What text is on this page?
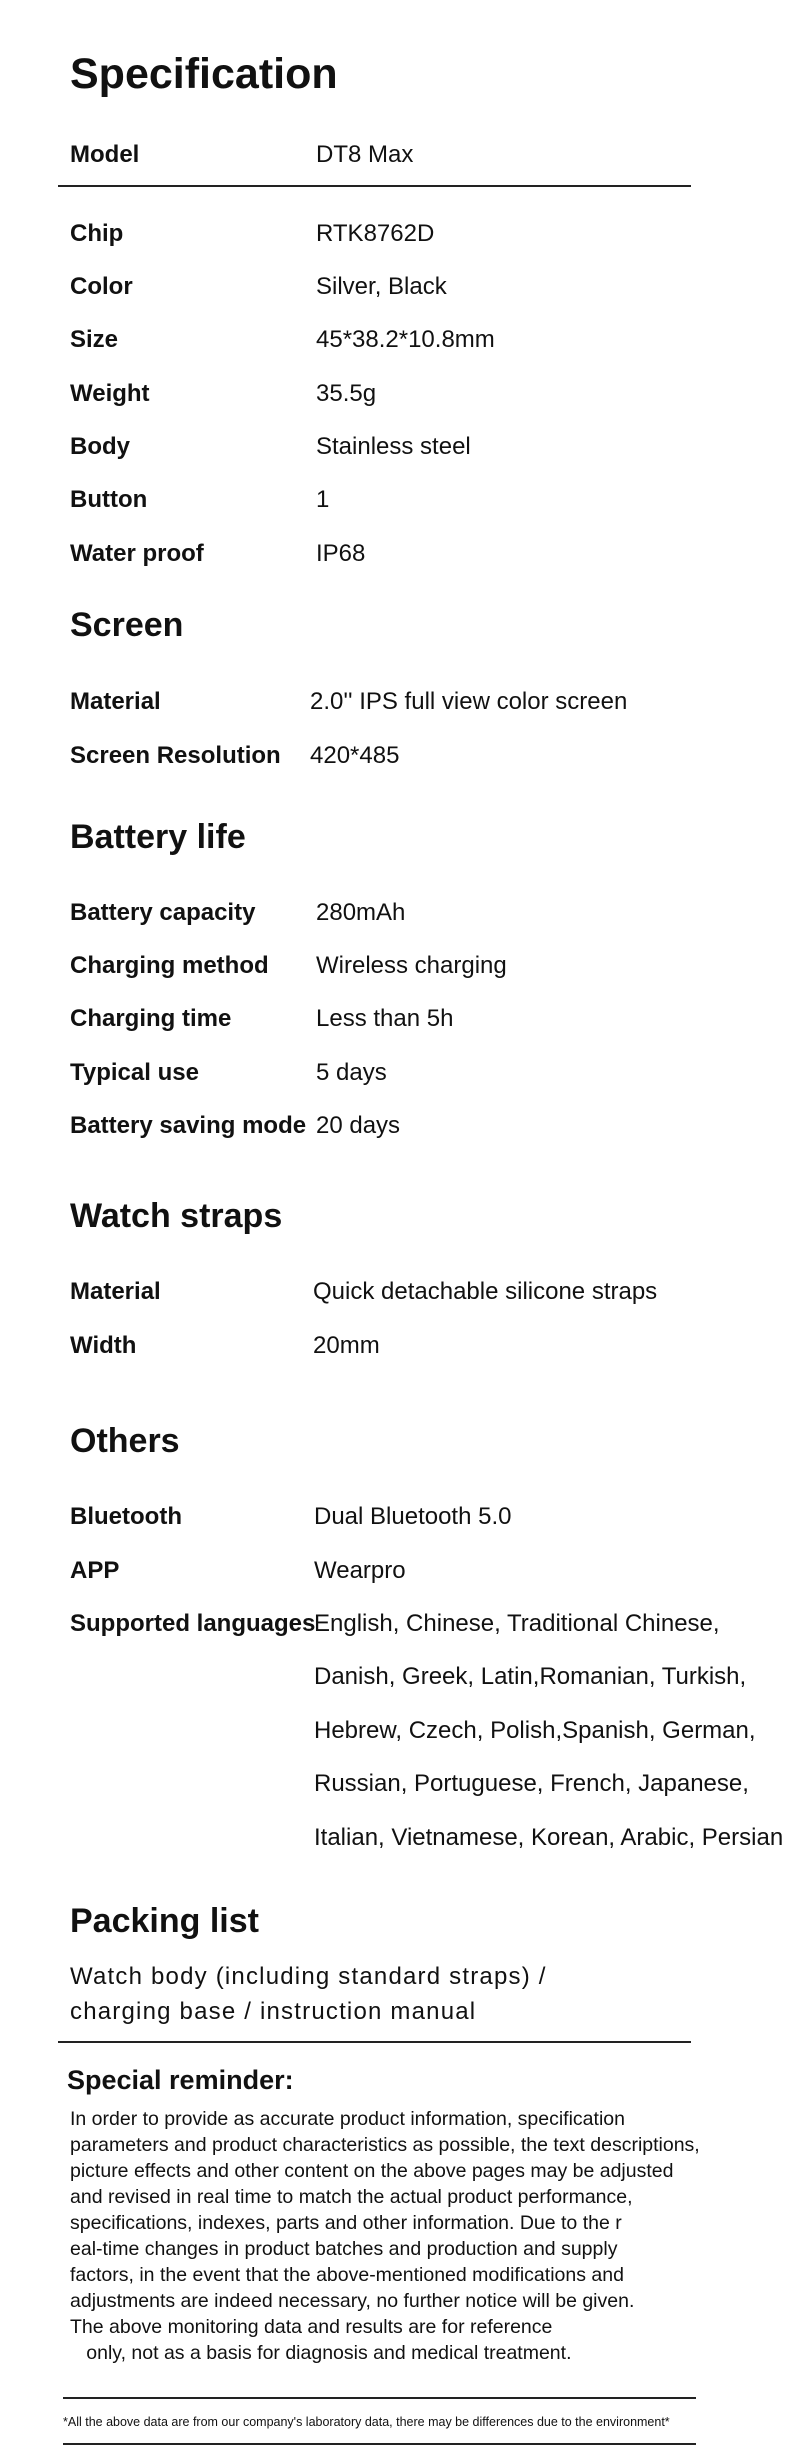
Specification
Model	DT8 Max
Chip	RTK8762D
Color	Silver, Black
Size	45*38.2*10.8mm
Weight	35.5g
Body	Stainless steel
Button	1
Water proof	IP68
Screen
Material	2.0'' IPS full view color screen
Screen Resolution 420*485
Battery life
Battery capacity	280mAh
Charging method Wireless charging
Charging time	Less than 5h
Typical use	5 days
Battery saving mode 20 days
Watch straps
Material	Quick detachable silicone straps
Width	20mm
Others
Bluetooth	Dual Bluetooth 5.0
APP	Wearpro
Supported languages
English, Chinese, Traditional Chinese,
Danish, Greek, Latin,Romanian, Turkish,
Hebrew, Czech, Polish,Spanish, German,
Russian, Portuguese, French, Japanese,
Italian, Vietnamese, Korean, Arabic, Persian
Packing list
Watch body (including standard straps) /
charging base / instruction manual
Special reminder:
In order to provide as accurate product information, specification
parameters and product characteristics as possible, the text descriptions,
picture effects and other content on the above pages may be adjusted
and revised in real time to match the actual product performance,
specifications, indexes, parts and other information. Due to the r
eal-time changes in product batches and production and supply
factors, in the event that the above-mentioned modifications and
adjustments are indeed necessary, no further notice will be given.
The above monitoring data and results are for reference
only, not as a basis for diagnosis and medical treatment.
*All the above data are from our company's laboratory data, there may be differences due to the environment*
